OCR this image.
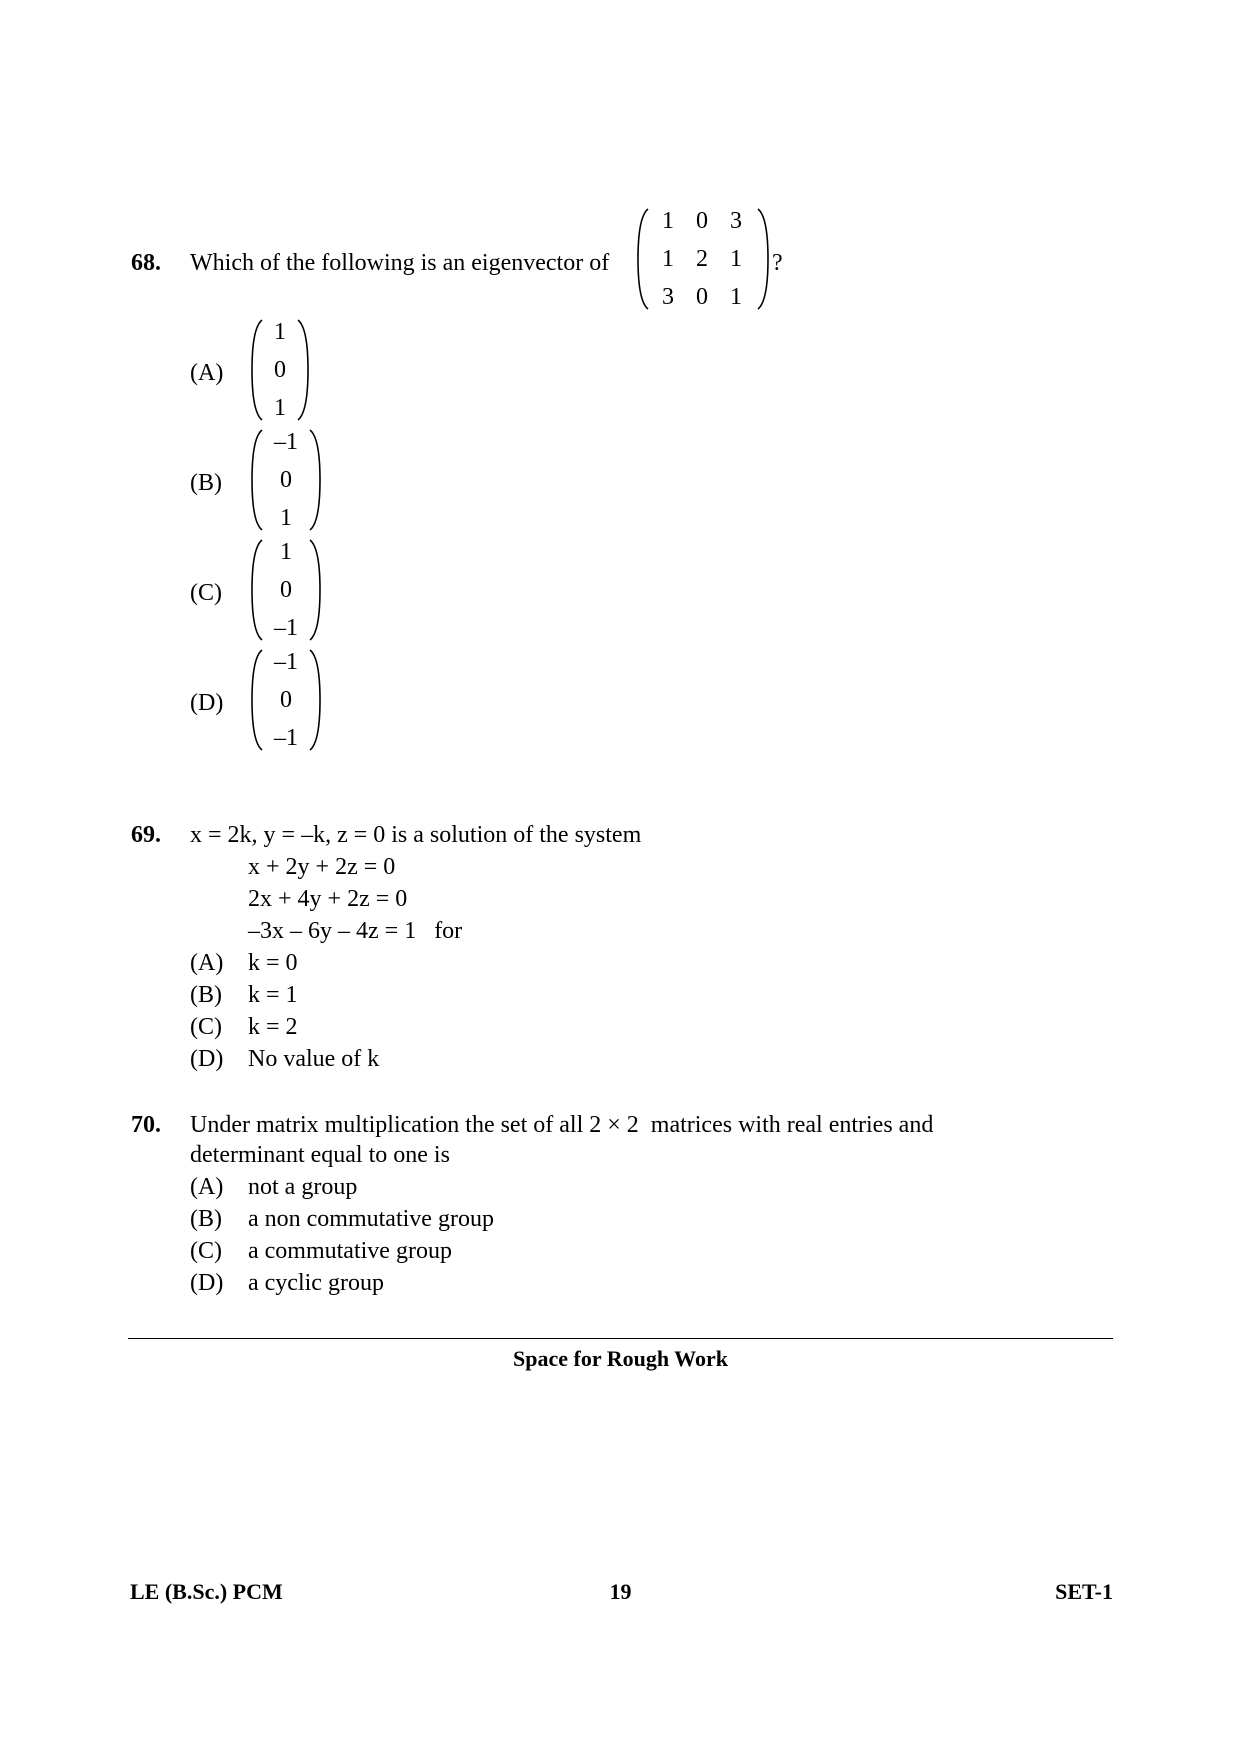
68. Which of the following is an eigenvector of
1 0 3
1 2 1
3 0 1
?
(A)
1
0
1
(B)
–1
0
1
(C)
1
0
–1
(D)
–1
0
–1
69. x = 2k, y = –k, z = 0 is a solution of the system
x + 2y + 2z = 0
2x + 4y + 2z = 0
–3x – 6y – 4z = 1   for
(A) k = 0
(B) k = 1
(C) k = 2
(D) No value of k
70. Under matrix multiplication the set of all 2 × 2  matrices with real entries and
determinant equal to one is
(A) not a group
(B) a non commutative group
(C) a commutative group
(D) a cyclic group
Space for Rough Work
LE (B.Sc.) PCM	19	SET-1
